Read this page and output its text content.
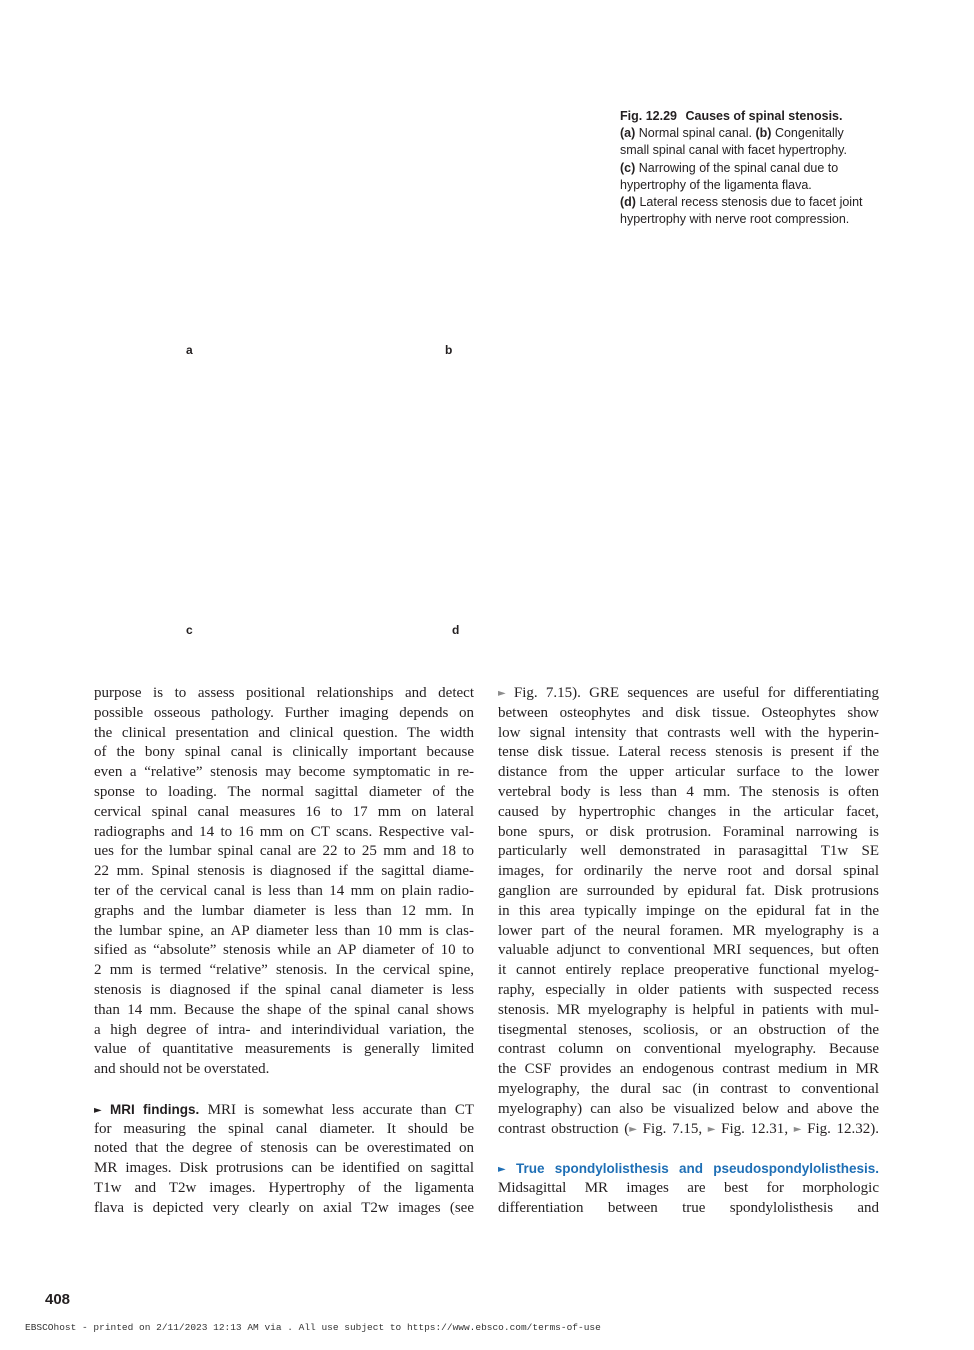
a	b
c	d
Fig. 12.29 Causes of spinal stenosis.
(a) Normal spinal canal. (b) Congenitally
small spinal canal with facet hypertrophy.
(c) Narrowing of the spinal canal due to
hypertrophy of the ligamenta flava.
(d) Lateral recess stenosis due to facet joint
hypertrophy with nerve root compression.
purpose is to assess positional relationships and detect
possible osseous pathology. Further imaging depends on
the clinical presentation and clinical question. The width
of the bony spinal canal is clinically important because
even a “relative” stenosis may become symptomatic in re-
sponse to loading. The normal sagittal diameter of the
cervical spinal canal measures 16 to 17 mm on lateral
radiographs and 14 to 16 mm on CT scans. Respective val-
ues for the lumbar spinal canal are 22 to 25 mm and 18 to
22 mm. Spinal stenosis is diagnosed if the sagittal diame-
ter of the cervical canal is less than 14 mm on plain radio-
graphs and the lumbar diameter is less than 12 mm. In
the lumbar spine, an AP diameter less than 10 mm is clas-
sified as “absolute” stenosis while an AP diameter of 10 to
2 mm is termed “relative” stenosis. In the cervical spine,
stenosis is diagnosed if the spinal canal diameter is less
than 14 mm. Because the shape of the spinal canal shows
a high degree of intra- and interindividual variation, the
value of quantitative measurements is generally limited
and should not be overstated.
► MRI findings. MRI is somewhat less accurate than CT
for measuring the spinal canal diameter. It should be
noted that the degree of stenosis can be overestimated on
MR images. Disk protrusions can be identified on sagittal
T1w and T2w images. Hypertrophy of the ligamenta
flava is depicted very clearly on axial T2w images (see
► Fig. 7.15). GRE sequences are useful for differentiating
between osteophytes and disk tissue. Osteophytes show
low signal intensity that contrasts well with the hyperin-
tense disk tissue. Lateral recess stenosis is present if the
distance from the upper articular surface to the lower
vertebral body is less than 4 mm. The stenosis is often
caused by hypertrophic changes in the articular facet,
bone spurs, or disk protrusion. Foraminal narrowing is
particularly well demonstrated in parasagittal T1w SE
images, for ordinarily the nerve root and dorsal spinal
ganglion are surrounded by epidural fat. Disk protrusions
in this area typically impinge on the epidural fat in the
lower part of the neural foramen. MR myelography is a
valuable adjunct to conventional MRI sequences, but often
it cannot entirely replace preoperative functional myelog-
raphy, especially in older patients with suspected recess
stenosis. MR myelography is helpful in patients with mul-
tisegmental stenoses, scoliosis, or an obstruction of the
contrast column on conventional myelography. Because
the CSF provides an endogenous contrast medium in MR
myelography, the dural sac (in contrast to conventional
myelography) can also be visualized below and above the
contrast obstruction (► Fig. 7.15, ► Fig. 12.31, ► Fig. 12.32).
► True spondylolisthesis and pseudospondylolisthesis.
Midsagittal MR images are best for morphologic
differentiation between true spondylolisthesis and
408
EBSCOhost - printed on 2/11/2023 12:13 AM via . All use subject to https://www.ebsco.com/terms-of-use
